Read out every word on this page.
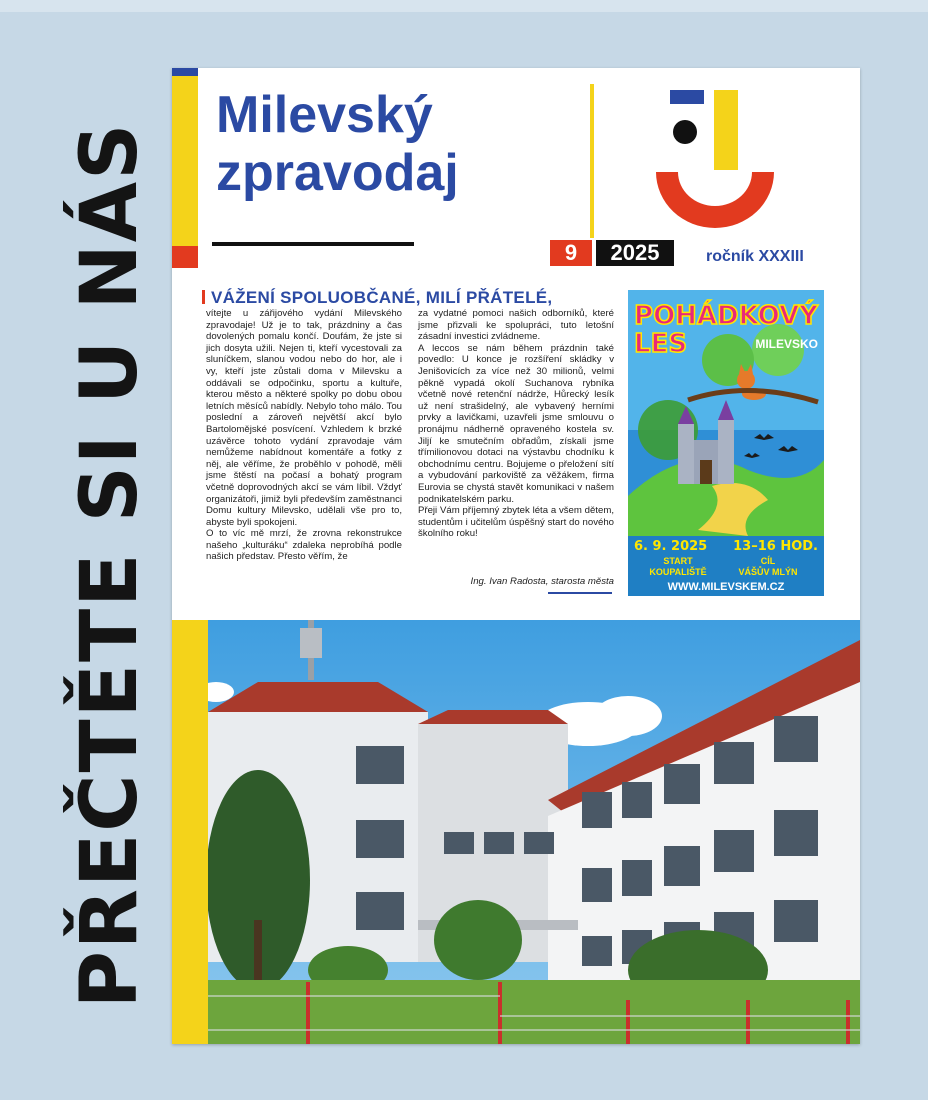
PŘEČTĚTE SI U NÁS
Milevský
zpravodaj
9	2025	ročník XXXIII
VÁŽENÍ SPOLUOBČANÉ, MILÍ PŘÁTELÉ,

vítejte u zářijového vydání Milevského zpravodaje! Už je to tak, prázdniny a čas dovolených pomalu končí. Doufám, že jste si jich dosyta užili. Nejen ti, kteří vycestovali za sluníčkem, slanou vodou nebo do hor, ale i vy, kteří jste zůstali doma v Milevsku a oddávali se odpočinku, sportu a kultuře, kterou město a některé spolky po dobu obou letních měsíců nabídly. Nebylo toho málo. Tou poslední a zároveň největší akcí bylo Bartolomějské posvícení. Vzhledem k brzké uzávěrce tohoto vydání zpravodaje vám nemůžeme nabídnout komentáře a fotky z něj, ale věříme, že proběhlo v pohodě, měli jsme štěstí na počasí a bohatý program včetně doprovodných akcí se vám líbil. Vždyť organizátoři, jimiž byli především zaměstnanci Domu kultury Milevsko, udělali vše pro to, abyste byli spokojeni.

O to víc mě mrzí, že zrovna rekonstrukce našeho „kulturáku“ zdaleka neprobíhá podle našich představ. Přesto věřím, že

za vydatné pomoci našich odborníků, které jsme přizvali ke spolupráci, tuto letošní zásadní investici zvládneme.

A leccos se nám během prázdnin také povedlo: U konce je rozšíření skládky v Jenišovicích za více než 30 milionů, velmi pěkně vypadá okolí Suchanova rybníka včetně nové retenční nádrže, Hůrecký lesík už není strašidelný, ale vybavený herními prvky a lavičkami, uzavřeli jsme smlouvu o pronájmu nádherně opraveného kostela sv. Jiljí ke smutečním obřadům, získali jsme třímilionovou dotaci na výstavbu chodníku k obchodnímu centru. Bojujeme o přeložení sítí a vybudování parkoviště za věžákem, firma Eurovia se chystá stavět komunikaci v našem podnikatelském parku.

Přeji Vám příjemný zbytek léta a všem dětem, studentům i učitelům úspěšný start do nového školního roku!

Ing. Ivan Radosta, starosta města
POHÁDKOVÝ
LES	MILEVSKO
6. 9. 2025 13–16 HOD.
START
KOUPALIŠTĚ
CÍL
VÁŠŮV MLÝN
WWW.MILEVSKEM.CZ
